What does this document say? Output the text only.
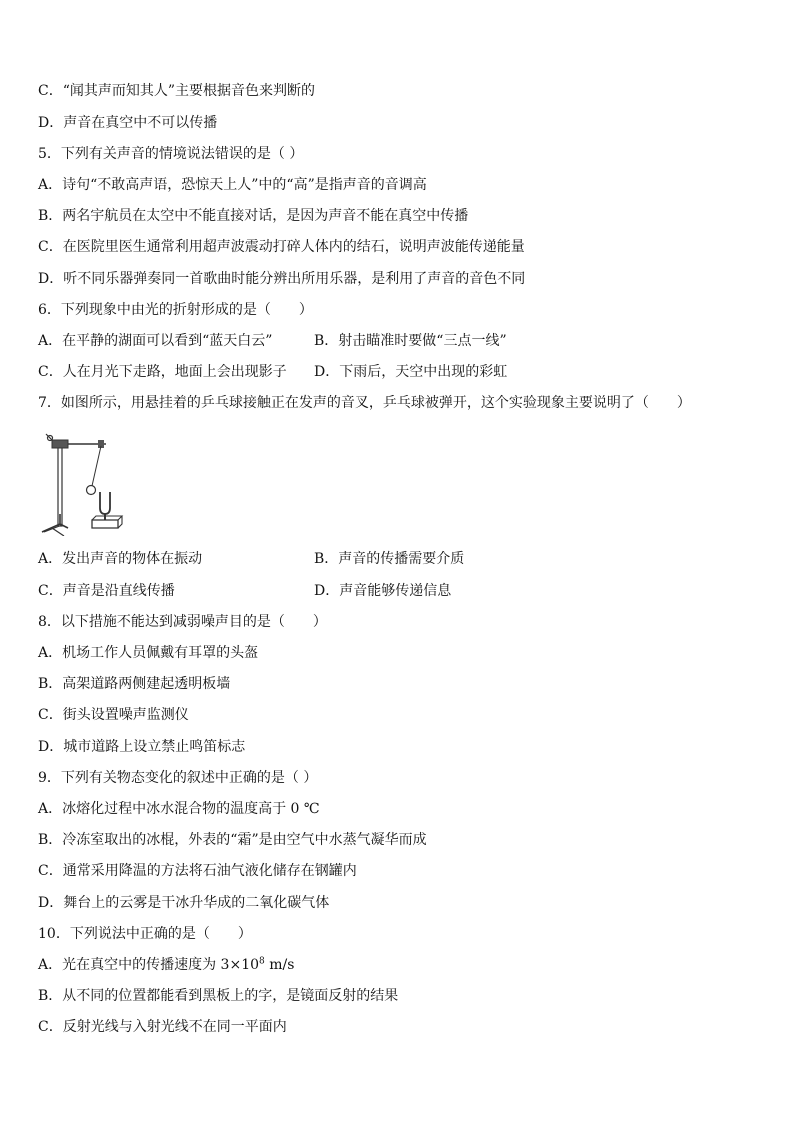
C．“闻其声而知其人”主要根据音色来判断的
D．声音在真空中不可以传播
5．下列有关声音的情境说法错误的是（ ）
A．诗句“不敢高声语，恐惊天上人”中的“高”是指声音的音调高
B．两名宇航员在太空中不能直接对话，是因为声音不能在真空中传播
C．在医院里医生通常利用超声波震动打碎人体内的结石，说明声波能传递能量
D．听不同乐器弹奏同一首歌曲时能分辨出所用乐器，是利用了声音的音色不同
6．下列现象中由光的折射形成的是（　　）
A．在平静的湖面可以看到“蓝天白云”	B．射击瞄准时要做“三点一线”
C．人在月光下走路，地面上会出现影子 D．下雨后，天空中出现的彩虹
7．如图所示，用悬挂着的乒乓球接触正在发声的音叉，乒乓球被弹开，这个实验现象主要说明了（　　）
A．发出声音的物体在振动	B．声音的传播需要介质
C．声音是沿直线传播	D．声音能够传递信息
8．以下措施不能达到减弱噪声目的是（　　）
A．机场工作人员佩戴有耳罩的头盔
B．高架道路两侧建起透明板墙
C．街头设置噪声监测仪
D．城市道路上设立禁止鸣笛标志
9．下列有关物态变化的叙述中正确的是（ ）
A．冰熔化过程中冰水混合物的温度高于 0 ℃
B．冷冻室取出的冰棍，外表的“霜”是由空气中水蒸气凝华而成
C．通常采用降温的方法将石油气液化储存在钢罐内
D．舞台上的云雾是干冰升华成的二氧化碳气体
10．下列说法中正确的是（　　）
A．光在真空中的传播速度为 $3\times 10^8$ m/s
B．从不同的位置都能看到黑板上的字，是镜面反射的结果
C．反射光线与入射光线不在同一平面内
